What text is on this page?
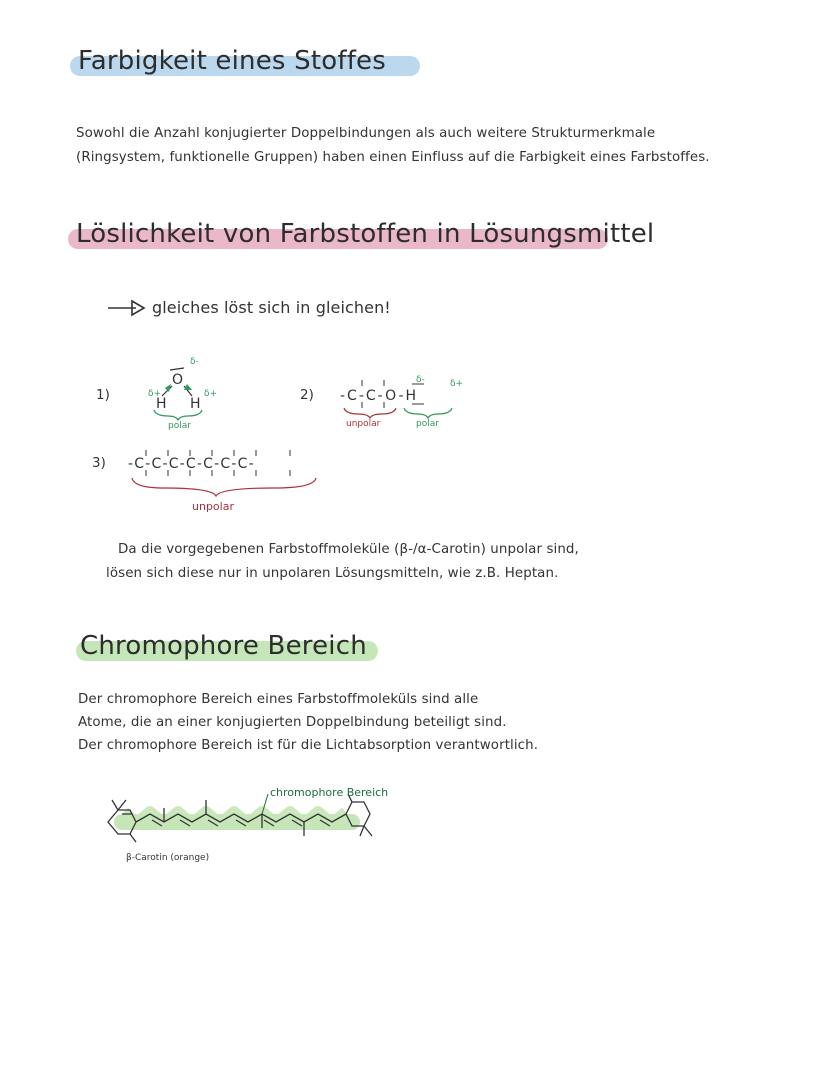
Farbigkeit eines Stoffes
Sowohl die Anzahl konjugierter Doppelbindungen als auch weitere Strukturmerkmale
(Ringsystem, funktionelle Gruppen) haben einen Einfluss auf die Farbigkeit eines Farbstoffes.
Löslichkeit von Farbstoffen in Lösungsmittel
gleiches löst sich in gleichen!
1)
δ-
O
δ+	δ+
H H
polar
2)
δ-	δ+
-C-C-O-H
unpolar	polar
3) -C-C-C-C-C-C-C-
unpolar
Da die vorgegebenen Farbstoffmoleküle (β-/α-Carotin) unpolar sind,
lösen sich diese nur in unpolaren Lösungsmitteln, wie z.B. Heptan.
Chromophore Bereich
Der chromophore Bereich eines Farbstoffmoleküls sind alle
Atome, die an einer konjugierten Doppelbindung beteiligt sind.
Der chromophore Bereich ist für die Lichtabsorption verantwortlich.
chromophore Bereich
β-Carotin (orange)
